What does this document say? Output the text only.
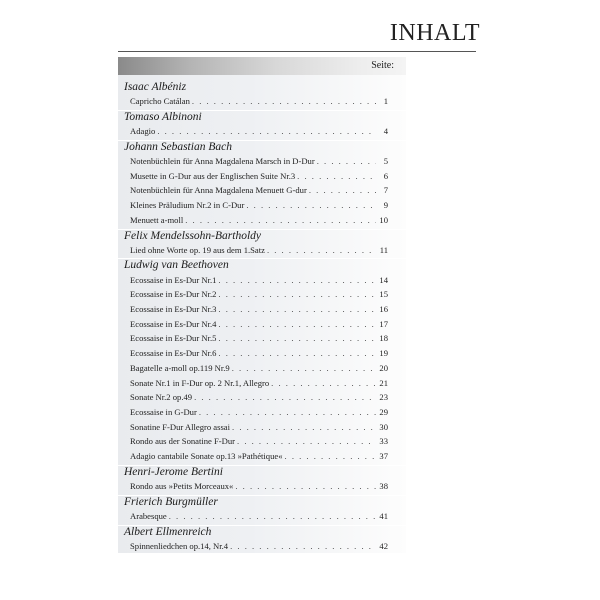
INHALT
Seite:
Isaac Albéniz
Capricho Catálan . . .	1
Tomaso Albinoni
Adagio . . .	4
Johann Sebastian Bach
Notenbüchlein für Anna Magdalena Marsch in D-Dur . . .	5
Musette in G-Dur aus der Englischen Suite Nr.3 . . .	6
Notenbüchlein für Anna Magdalena Menuett G-dur . . .	7
Kleines Präludium Nr.2 in C-Dur . . .	9
Menuett a-moll . . .	10
Felix Mendelssohn-Bartholdy
Lied ohne Worte op. 19 aus dem 1.Satz . . .	11
Ludwig van Beethoven
Ecossaise in Es-Dur Nr.1 . . .	14
Ecossaise in Es-Dur Nr.2 . . .	15
Ecossaise in Es-Dur Nr.3 . . .	16
Ecossaise in Es-Dur Nr.4 . . .	17
Ecossaise in Es-Dur Nr.5 . . .	18
Ecossaise in Es-Dur Nr.6 . . .	19
Bagatelle a-moll op.119 Nr.9 . . .	20
Sonate Nr.1 in F-Dur op. 2 Nr.1, Allegro . . .	21
Sonate Nr.2 op.49 . . .	23
Ecossaise in G-Dur . . .	29
Sonatine F-Dur Allegro assai . . .	30
Rondo aus der Sonatine F-Dur . . .	33
Adagio cantabile Sonate op.13 »Pathétique« . . .	37
Henri-Jerome Bertini
Rondo aus »Petits Morceaux« . . .	38
Frierich Burgmüller
Arabesque . . .	41
Albert Ellmenreich
Spinnenliedchen op.14, Nr.4 . . .	42
